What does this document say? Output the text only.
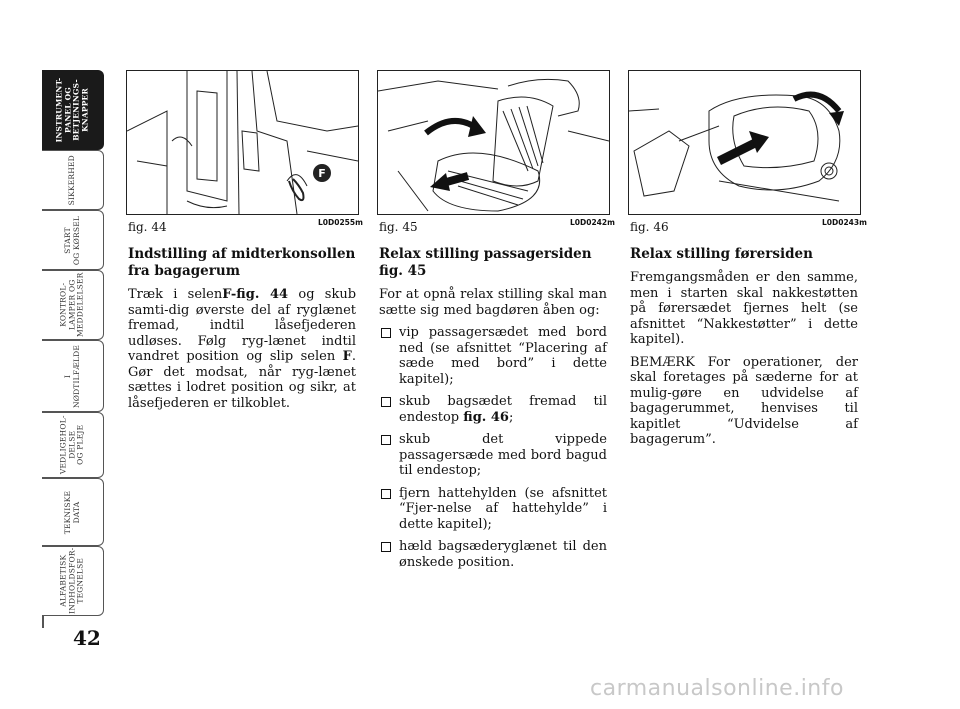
INSTRUMENT-
PANEL OG
BETJENINGS-
KNAPPER
SIKKERHED
START
OG KØRSEL
KONTROL-
LAMPER OG
MEDDELELSER
I
NØDTILFÆLDE
VEDLIGEHOL-
DELSE
OG PLEJE
TEKNISKE
DATA
ALFABETISK
INDHOLDSFOR-
TEGNELSE
42
F
fig. 44	L0D0255m fig. 45	L0D0242m fig. 46	L0D0243m
Indstilling af midterkonsollen fra bagagerum

Træk i selenF-fig. 44 og skub samti-dig øverste del af ryglænet fremad, indtil låsefjederen udløses. Følg ryg-lænet indtil vandret position og slip selen F. Gør det modsat, når ryg-lænet sættes i lodret position og sikr, at låsefjederen er tilkoblet.

Relax stilling passagersiden
fig. 45

For at opnå relax stilling skal man sætte sig med bagdøren åben og:

vip passagersædet med bord ned (se afsnittet “Placering af sæde med bord” i dette kapitel);
skub bagsædet fremad til endestop fig. 46;
skub det vippede passagersæde med bord bagud til endestop;
fjern hattehylden (se afsnittet “Fjer-nelse af hattehylde” i dette kapitel);
hæld bagsæderyglænet til den ønskede position.
Relax stilling førersiden

Fremgangsmåden er den samme, men i starten skal nakkestøtten på førersædet fjernes helt (se afsnittet “Nakkestøtter” i dette kapitel).

BEMÆRK For operationer, der skal foretages på sæderne for at mulig-gøre en udvidelse af bagagerummet, henvises til kapitlet “Udvidelse af bagagerum”.

carmanualsonline.info
